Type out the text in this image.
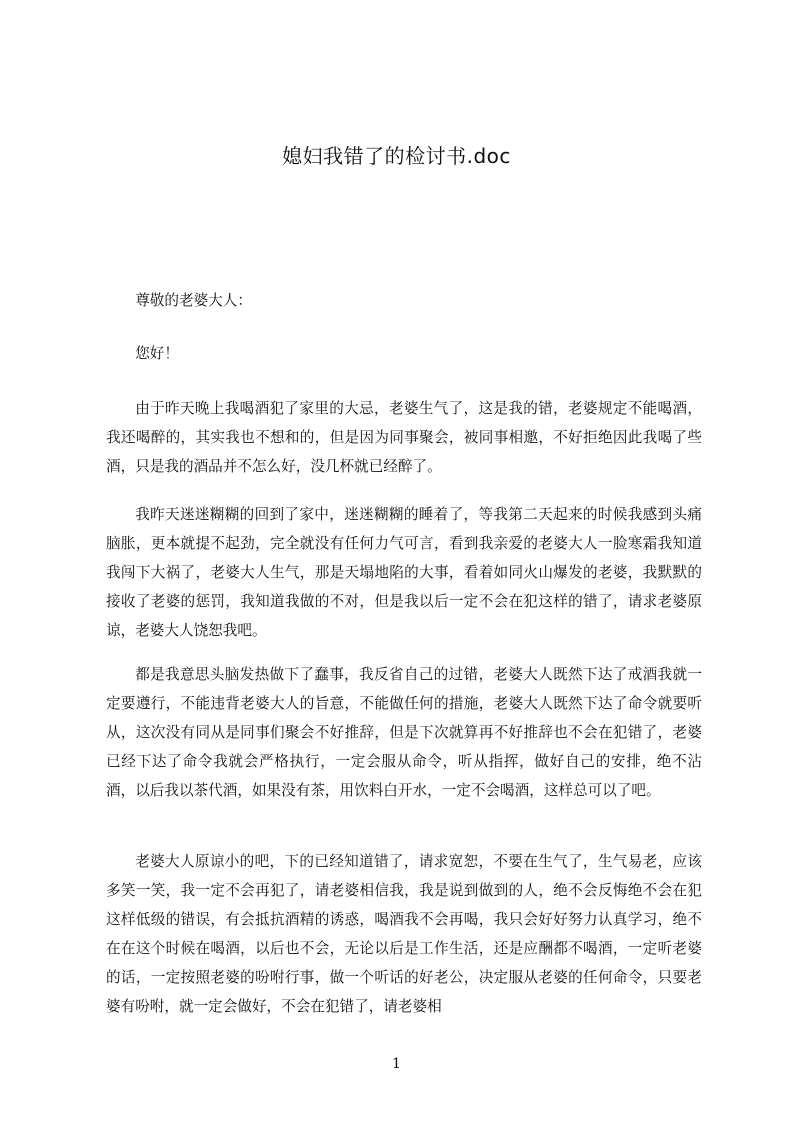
媳妇我错了的检讨书.doc

尊敬的老婆大人：

您好！

由于昨天晚上我喝酒犯了家里的大忌，老婆生气了，这是我的错，老婆规定不能喝酒，我还喝醉的，其实我也不想和的，但是因为同事聚会，被同事相邀，不好拒绝因此我喝了些酒，只是我的酒品并不怎么好，没几杯就已经醉了。

我昨天迷迷糊糊的回到了家中，迷迷糊糊的睡着了，等我第二天起来的时候我感到头痛脑胀，更本就提不起劲，完全就没有任何力气可言，看到我亲爱的老婆大人一脸寒霜我知道我闯下大祸了，老婆大人生气，那是天塌地陷的大事，看着如同火山爆发的老婆，我默默的接收了老婆的惩罚，我知道我做的不对，但是我以后一定不会在犯这样的错了，请求老婆原谅，老婆大人饶恕我吧。

都是我意思头脑发热做下了蠢事，我反省自己的过错，老婆大人既然下达了戒酒我就一定要遵行，不能违背老婆大人的旨意，不能做任何的措施，老婆大人既然下达了命令就要听从，这次没有同从是同事们聚会不好推辞，但是下次就算再不好推辞也不会在犯错了，老婆已经下达了命令我就会严格执行，一定会服从命令，听从指挥，做好自己的安排，绝不沾酒，以后我以茶代酒，如果没有茶，用饮料白开水，一定不会喝酒，这样总可以了吧。

老婆大人原谅小的吧，下的已经知道错了，请求宽恕，不要在生气了，生气易老，应该多笑一笑，我一定不会再犯了，请老婆相信我，我是说到做到的人，绝不会反悔绝不会在犯这样低级的错误，有会抵抗酒精的诱惑，喝酒我不会再喝，我只会好好努力认真学习，绝不在在这个时候在喝酒，以后也不会，无论以后是工作生活，还是应酬都不喝酒，一定听老婆的话，一定按照老婆的吩咐行事，做一个听话的好老公，决定服从老婆的任何命令，只要老婆有吩咐，就一定会做好，不会在犯错了，请老婆相

1
